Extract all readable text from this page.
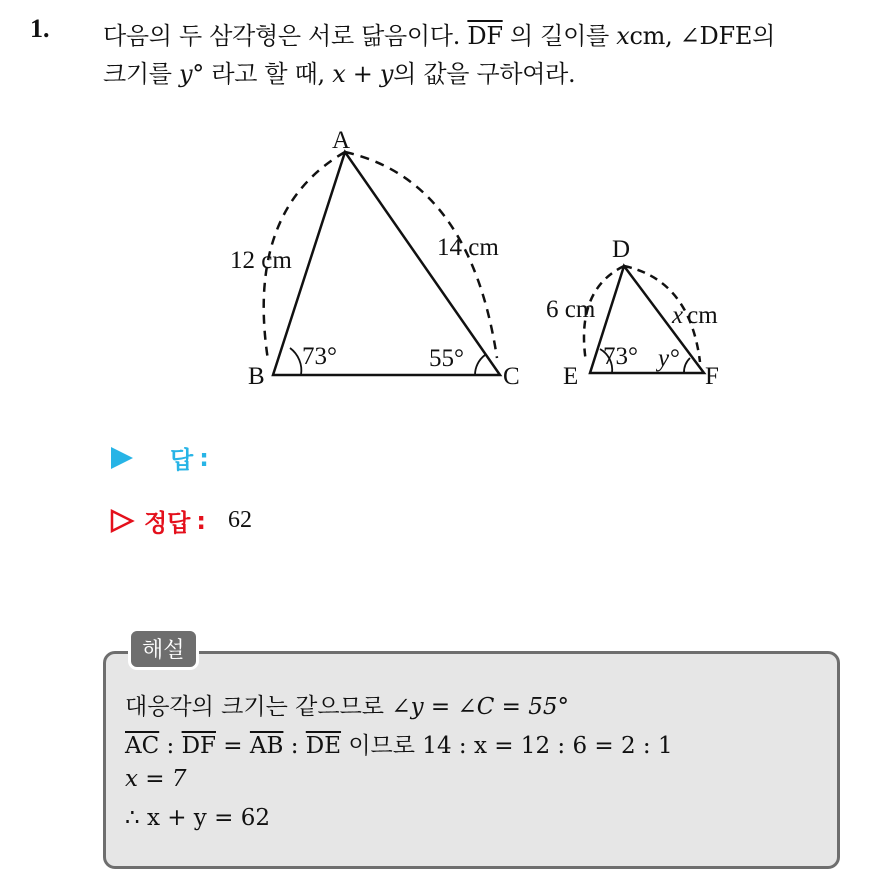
1. 다음의 두 삼각형은 서로 닮음이다. $\overline{DF}$ 의 길이를 xcm, ∠DFE의
크기를 y° 라고 할 때, x + y의 값을 구하여라.
A
B	C
12 cm	14 cm
73°	55°
D
E	F
6 cm	x cm
73° y°
답 :
정답 : 62
해설
대응각의 크기는 같으므로 ∠y = ∠C = 55°
$\overline{AC}$ : $\overline{DF} = \overline{AB}$ : $\overline{DE}$ 이므로 14 : x = 12 : 6 = 2 : 1
x = 7
∴ x + y = 62
